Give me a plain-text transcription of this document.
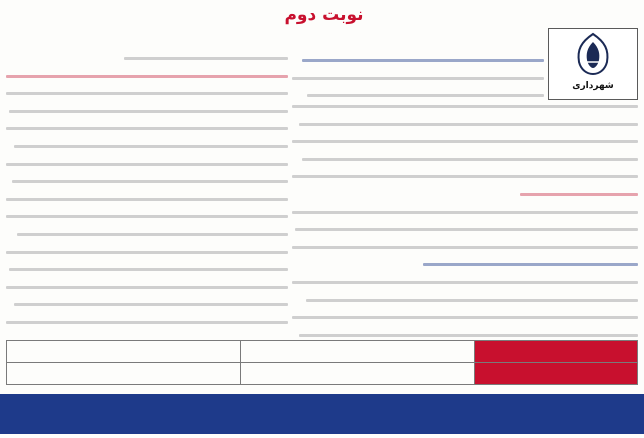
نوبت دوم
شهرداری
